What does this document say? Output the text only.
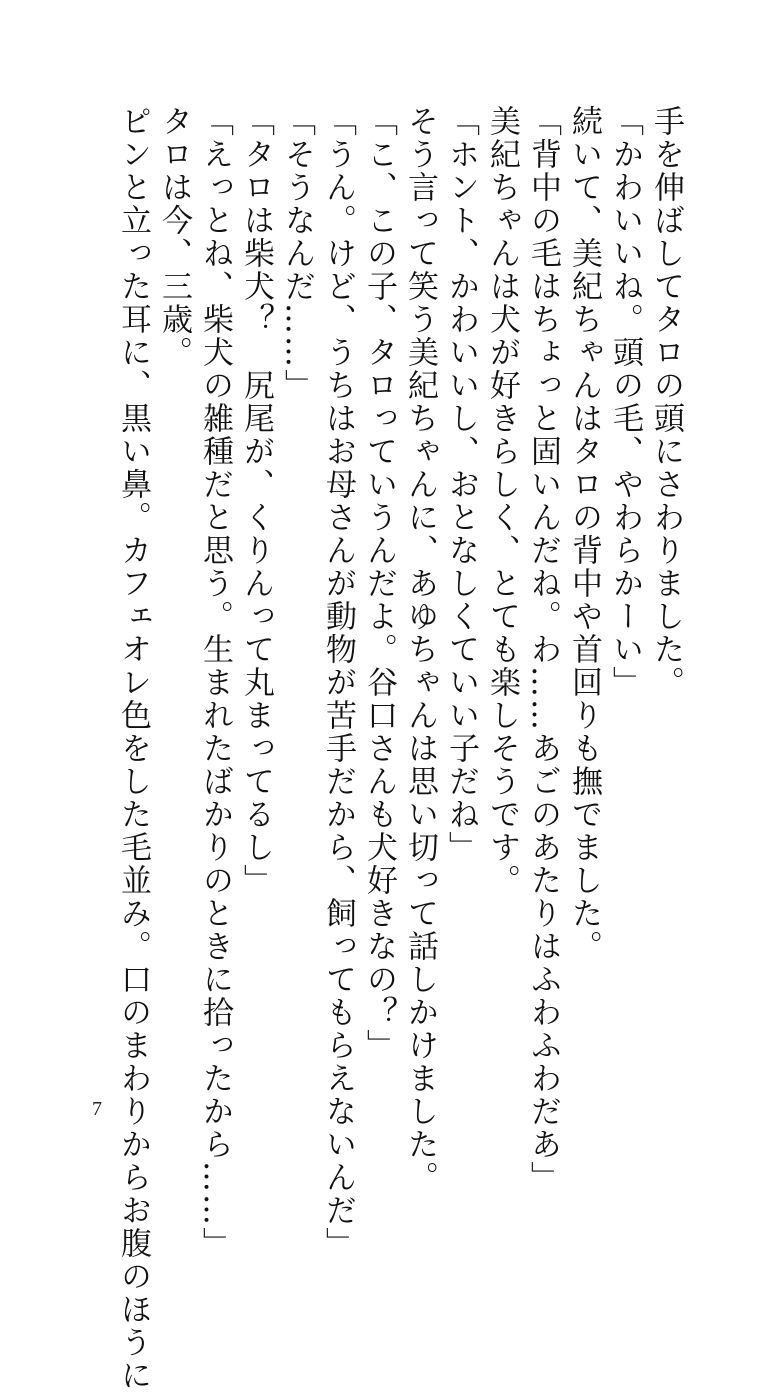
手を伸ばしてタロの頭にさわりました。
「かわいいね。頭の毛、やわらかーい」
続いて、美紀ちゃんはタロの背中や首回りも撫でました。
「背中の毛はちょっと固いんだね。わ……あごのあたりはふわふわだあ」
美紀ちゃんは犬が好きらしく、とても楽しそうです。
「ホント、かわいいし、おとなしくていい子だね」
そう言って笑う美紀ちゃんに、あゆちゃんは思い切って話しかけました。
「こ、この子、タロっていうんだよ。谷口さんも犬好きなの？」
「うん。けど、うちはお母さんが動物が苦手だから、飼ってもらえないんだ」
「そうなんだ……」
「タロは柴犬？　尻尾が、くりんって丸まってるし」
「えっとね、柴犬の雑種だと思う。生まれたばかりのときに拾ったから……」
タロは今、三歳。
ピンと立った耳に、黒い鼻。カフェオレ色をした毛並み。口のまわりからお腹のほうに
7
